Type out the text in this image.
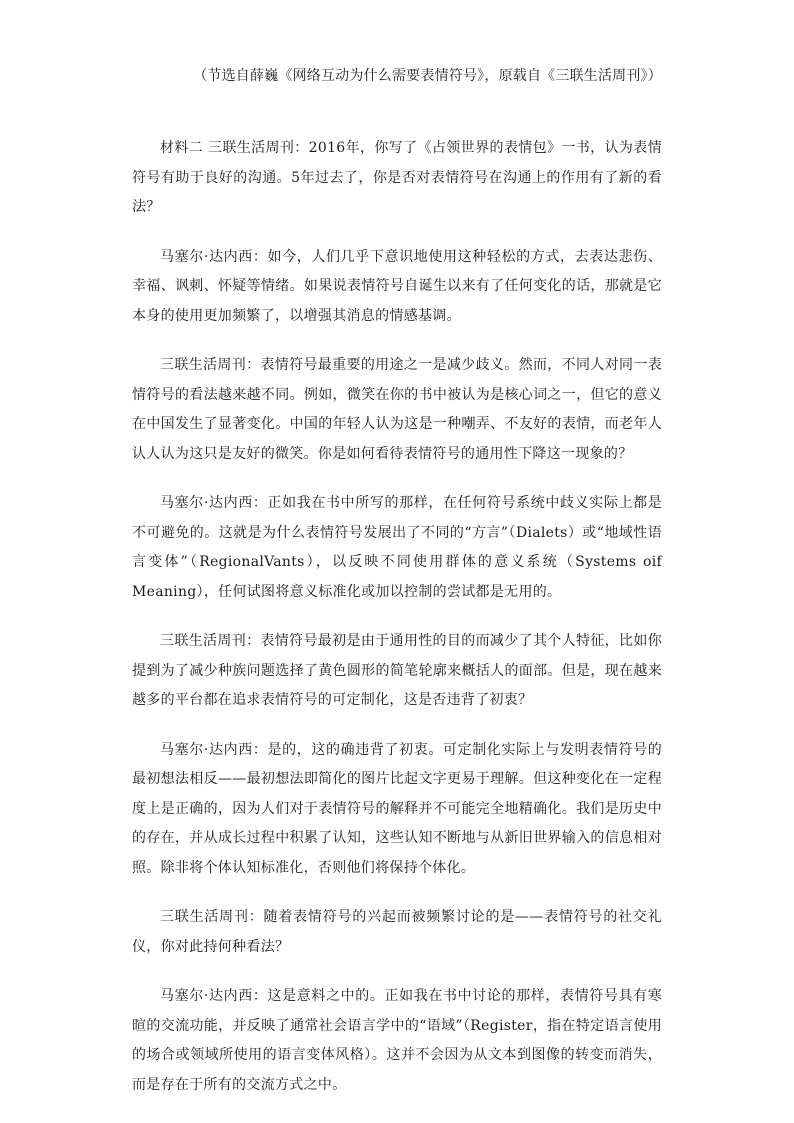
（节选自薛巍《网络互动为什么需要表情符号》，原载自《三联生活周刊》）

材料二 三联生活周刊：2016年，你写了《占领世界的表情包》一书，认为表情符号有助于良好的沟通。5年过去了，你是否对表情符号在沟通上的作用有了新的看法？

马塞尔·达内西：如今，人们几乎下意识地使用这种轻松的方式，去表达悲伤、幸福、讽刺、怀疑等情绪。如果说表情符号自诞生以来有了任何变化的话，那就是它本身的使用更加频繁了，以增强其消息的情感基调。

三联生活周刊：表情符号最重要的用途之一是减少歧义。然而，不同人对同一表情符号的看法越来越不同。例如，微笑在你的书中被认为是核心词之一，但它的意义在中国发生了显著变化。中国的年轻人认为这是一种嘲弄、不友好的表情，而老年人认人认为这只是友好的微笑。你是如何看待表情符号的通用性下降这一现象的？

马塞尔·达内西：正如我在书中所写的那样，在任何符号系统中歧义实际上都是不可避免的。这就是为什么表情符号发展出了不同的“方言”（Dialets）或“地域性语言变体”（RegionalVants），以反映不同使用群体的意义系统（Systems oif Meaning），任何试图将意义标准化或加以控制的尝试都是无用的。

三联生活周刊：表情符号最初是由于通用性的目的而减少了其个人特征，比如你提到为了减少种族问题选择了黄色圆形的简笔轮廓来概括人的面部。但是，现在越来越多的平台都在追求表情符号的可定制化，这是否违背了初衷？

马塞尔·达内西：是的，这的确违背了初衷。可定制化实际上与发明表情符号的最初想法相反——最初想法即简化的图片比起文字更易于理解。但这种变化在一定程度上是正确的，因为人们对于表情符号的解释并不可能完全地精确化。我们是历史中的存在，并从成长过程中积累了认知，这些认知不断地与从新旧世界输入的信息相对照。除非将个体认知标准化，否则他们将保持个体化。

三联生活周刊：随着表情符号的兴起而被频繁讨论的是——表情符号的社交礼仪，你对此持何种看法？

马塞尔·达内西：这是意料之中的。正如我在书中讨论的那样，表情符号具有寒暄的交流功能，并反映了通常社会语言学中的“语域”（Register，指在特定语言使用的场合或领域所使用的语言变体风格）。这并不会因为从文本到图像的转变而消失，而是存在于所有的交流方式之中。
